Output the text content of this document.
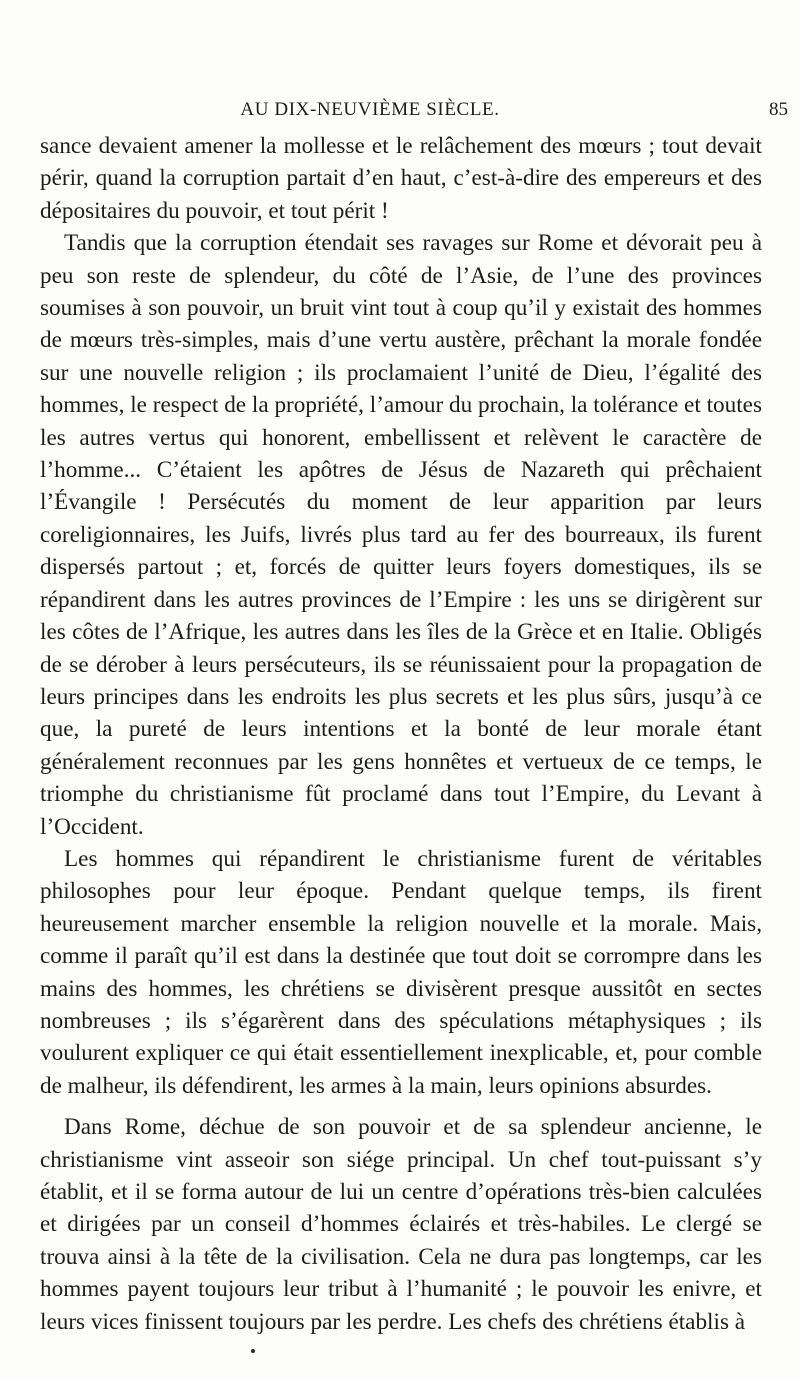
AU DIX-NEUVIÈME SIÈCLE.	85

sance devaient amener la mollesse et le relâchement des mœurs ; tout devait périr, quand la corruption partait d’en haut, c’est-à-dire des empereurs et des dépositaires du pouvoir, et tout périt !

Tandis que la corruption étendait ses ravages sur Rome et dévorait peu à peu son reste de splendeur, du côté de l’Asie, de l’une des provinces soumises à son pouvoir, un bruit vint tout à coup qu’il y existait des hommes de mœurs très-simples, mais d’une vertu austère, prêchant la morale fondée sur une nouvelle religion ; ils proclamaient l’unité de Dieu, l’égalité des hommes, le respect de la propriété, l’amour du prochain, la tolérance et toutes les autres vertus qui honorent, embellissent et relèvent le caractère de l’homme... C’étaient les apôtres de Jésus de Nazareth qui prêchaient l’Évangile ! Persécutés du moment de leur apparition par leurs coreligionnaires, les Juifs, livrés plus tard au fer des bourreaux, ils furent dispersés partout ; et, forcés de quitter leurs foyers domestiques, ils se répandirent dans les autres provinces de l’Empire : les uns se dirigèrent sur les côtes de l’Afrique, les autres dans les îles de la Grèce et en Italie. Obligés de se dérober à leurs persécuteurs, ils se réunissaient pour la propagation de leurs principes dans les endroits les plus secrets et les plus sûrs, jusqu’à ce que, la pureté de leurs intentions et la bonté de leur morale étant généralement reconnues par les gens honnêtes et vertueux de ce temps, le triomphe du christianisme fût proclamé dans tout l’Empire, du Levant à l’Occident.

Les hommes qui répandirent le christianisme furent de véritables philosophes pour leur époque. Pendant quelque temps, ils firent heureusement marcher ensemble la religion nouvelle et la morale. Mais, comme il paraît qu’il est dans la destinée que tout doit se corrompre dans les mains des hommes, les chrétiens se divisèrent presque aussitôt en sectes nombreuses ; ils s’égarèrent dans des spéculations métaphysiques ; ils voulurent expliquer ce qui était essentiellement inexplicable, et, pour comble de malheur, ils défendirent, les armes à la main, leurs opinions absurdes.

Dans Rome, déchue de son pouvoir et de sa splendeur ancienne, le christianisme vint asseoir son siége principal. Un chef tout-puissant s’y établit, et il se forma autour de lui un centre d’opérations très-bien calculées et dirigées par un conseil d’hommes éclairés et très-habiles. Le clergé se trouva ainsi à la tête de la civilisation. Cela ne dura pas longtemps, car les hommes payent toujours leur tribut à l’humanité ; le pouvoir les enivre, et leurs vices finissent toujours par les perdre. Les chefs des chrétiens établis à
